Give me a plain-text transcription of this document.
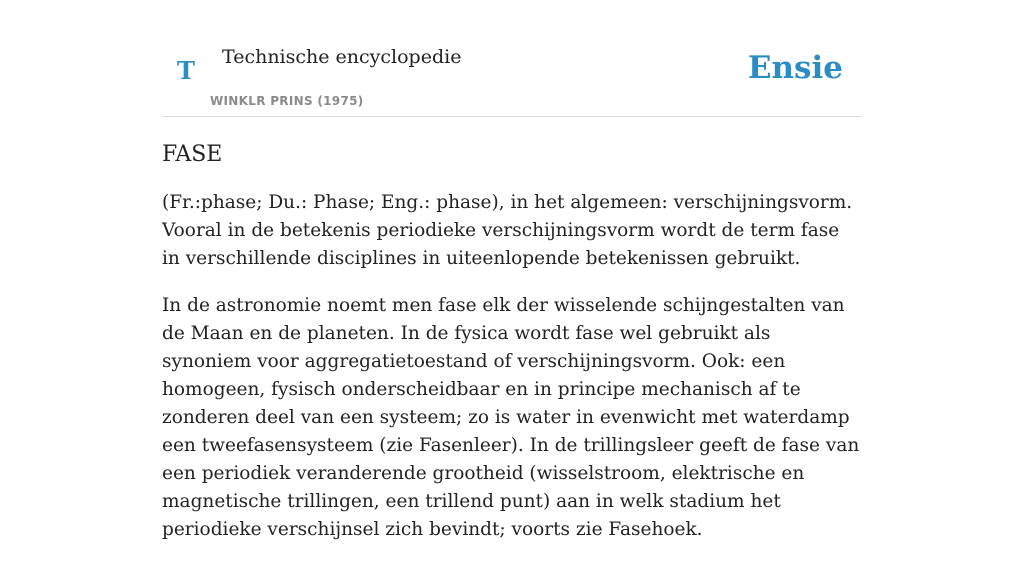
T Technische encyclopedie
WINKLR PRINS (1975)
Ensie
FASE

(Fr.:phase; Du.: Phase; Eng.: phase), in het algemeen: verschijningsvorm. Vooral in de betekenis periodieke verschijningsvorm wordt de term fase in verschillende disciplines in uiteenlopende betekenissen gebruikt.

In de astronomie noemt men fase elk der wisselende schijngestalten van de Maan en de planeten. In de fysica wordt fase wel gebruikt als synoniem voor aggregatietoestand of verschijningsvorm. Ook: een homogeen, fysisch onderscheidbaar en in principe mechanisch af te zonderen deel van een systeem; zo is water in evenwicht met waterdamp een tweefasensysteem (zie Fasenleer). In de trillingsleer geeft de fase van een periodiek veranderende grootheid (wisselstroom, elektrische en magnetische trillingen, een trillend punt) aan in welk stadium het periodieke verschijnsel zich bevindt; voorts zie Fasehoek.
